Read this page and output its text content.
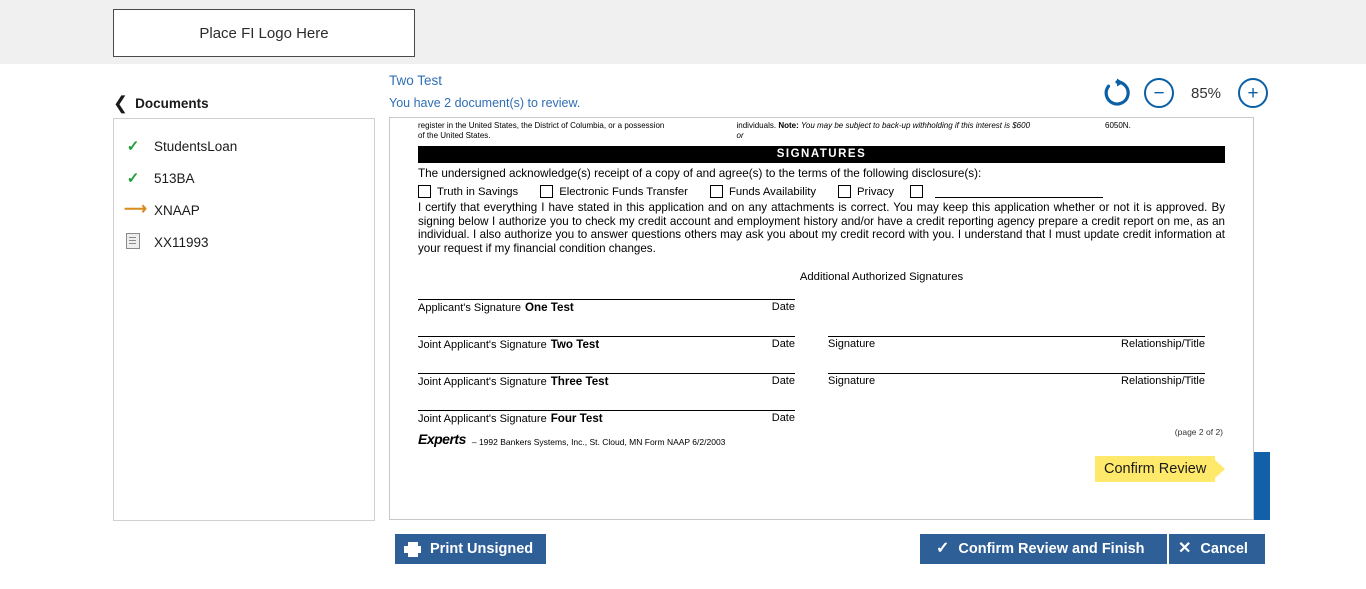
Place FI Logo Here
❮ Documents
Two Test
You have 2 document(s) to review.	−	85%	+
✓ StudentsLoan
✓ 513BA
⟶ XNAAP
XX11993
register in the United States, the District of Columbia, or a possession of the United States.
individuals. Note: You may be subject to back-up withholding if this interest is $600 or
6050N.
SIGNATURES
The undersigned acknowledge(s) receipt of a copy of and agree(s) to the terms of the following disclosure(s):
Truth in Savings	Electronic Funds Transfer	Funds Availability	Privacy
I certify that everything I have stated in this application and on any attachments is correct. You may keep this application whether or not it is approved. By signing below I authorize you to check my credit account and employment history and/or have a credit reporting agency prepare a credit report on me, as an individual. I also authorize you to answer questions others may ask you about my credit record with you. I understand that I must update credit information at your request if my financial condition changes.
Additional Authorized Signatures
Applicant's Signature One Test	Date
Joint Applicant's Signature Two Test	Date	Signature	Relationship/Title
Joint Applicant's Signature Three Test	Date	Signature	Relationship/Title
Joint Applicant's Signature Four Test	Date
Experts – 1992 Bankers Systems, Inc., St. Cloud, MN Form NAAP 6/2/2003
(page 2 of 2)
Confirm Review
Print Unsigned	✓ Confirm Review and Finish ✕ Cancel
